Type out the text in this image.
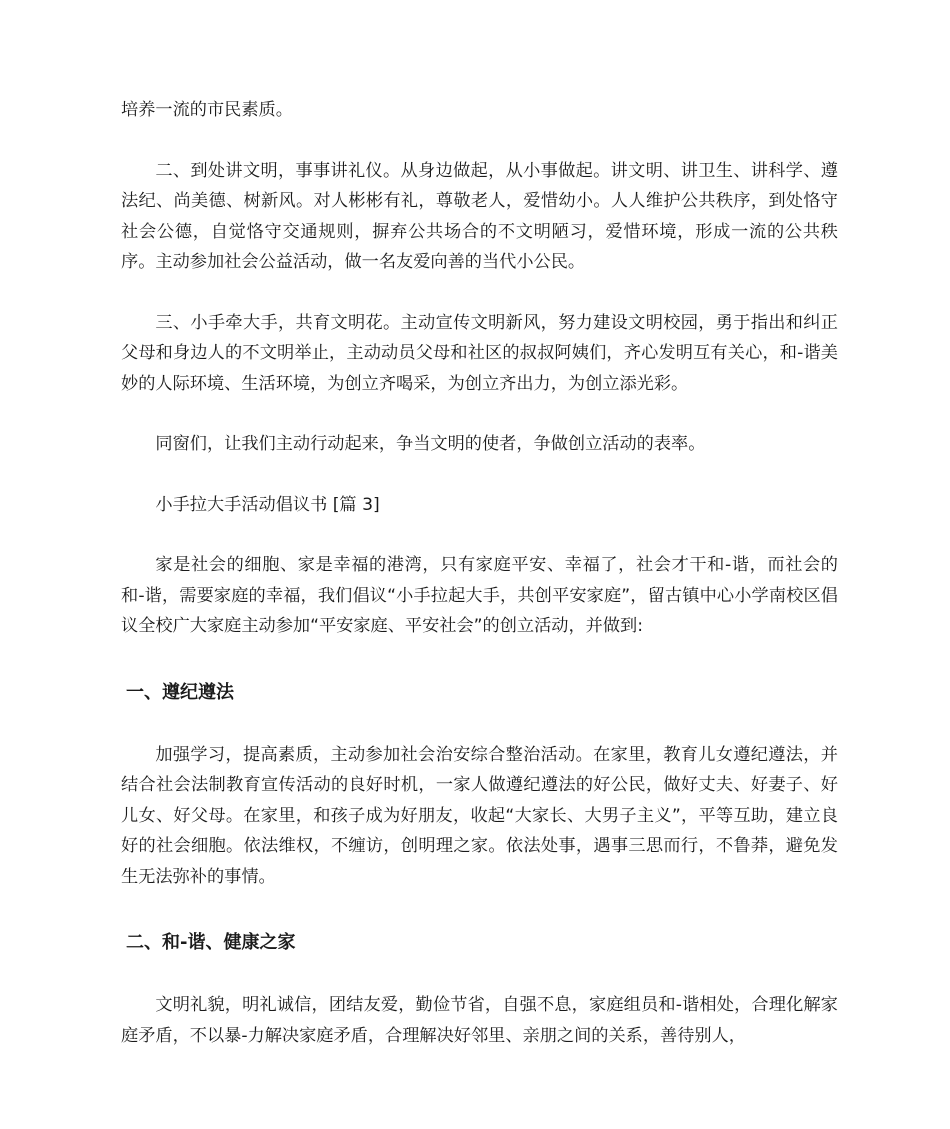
培养一流的市民素质。

二、到处讲文明，事事讲礼仪。从身边做起，从小事做起。讲文明、讲卫生、讲科学、遵法纪、尚美德、树新风。对人彬彬有礼，尊敬老人，爱惜幼小。人人维护公共秩序，到处恪守社会公德，自觉恪守交通规则，摒弃公共场合的不文明陋习，爱惜环境，形成一流的公共秩序。主动参加社会公益活动，做一名友爱向善的当代小公民。

三、小手牵大手，共育文明花。主动宣传文明新风，努力建设文明校园，勇于指出和纠正父母和身边人的不文明举止，主动动员父母和社区的叔叔阿姨们，齐心发明互有关心，和-谐美妙的人际环境、生活环境，为创立齐喝采，为创立齐出力，为创立添光彩。

同窗们，让我们主动行动起来，争当文明的使者，争做创立活动的表率。

小手拉大手活动倡议书 [篇 3]

家是社会的细胞、家是幸福的港湾，只有家庭平安、幸福了，社会才干和-谐，而社会的和-谐，需要家庭的幸福，我们倡议“小手拉起大手，共创平安家庭”，留古镇中心小学南校区倡议全校广大家庭主动参加“平安家庭、平安社会”的创立活动，并做到:

一、遵纪遵法

加强学习，提高素质，主动参加社会治安综合整治活动。在家里，教育儿女遵纪遵法，并结合社会法制教育宣传活动的良好时机，一家人做遵纪遵法的好公民，做好丈夫、好妻子、好儿女、好父母。在家里，和孩子成为好朋友，收起“大家长、大男子主义”，平等互助，建立良好的社会细胞。依法维权，不缠访，创明理之家。依法处事，遇事三思而行，不鲁莽，避免发生无法弥补的事情。

二、和-谐、健康之家

文明礼貌，明礼诚信，团结友爱，勤俭节省，自强不息，家庭组员和-谐相处，合理化解家庭矛盾，不以暴-力解决家庭矛盾，合理解决好邻里、亲朋之间的关系，善待别人，
